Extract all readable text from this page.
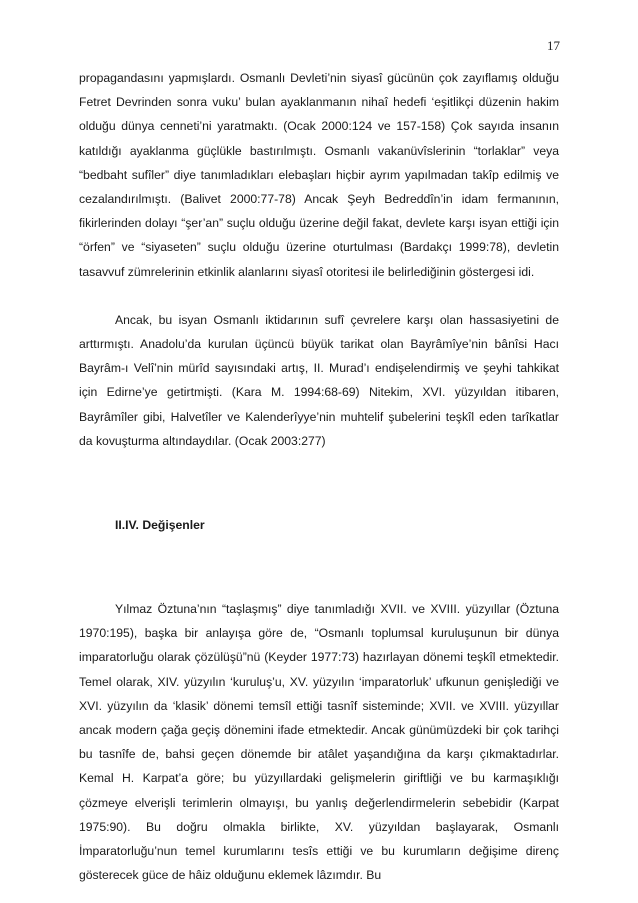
17

propagandasını yapmışlardı. Osmanlı Devleti’nin siyasî gücünün çok zayıflamış olduğu Fetret Devrinden sonra vuku’ bulan ayaklanmanın nihaî hedefi ‘eşitlikçi düzenin hakim olduğu dünya cenneti’ni yaratmaktı. (Ocak 2000:124 ve 157-158) Çok sayıda insanın katıldığı ayaklanma güçlükle bastırılmıştı. Osmanlı vakanüvîslerinin “torlaklar” veya “bedbaht sufîler” diye tanımladıkları elebaşları hiçbir ayrım yapılmadan takîp edilmiş ve cezalandırılmıştı. (Balivet 2000:77-78) Ancak Şeyh Bedreddîn’in idam fermanının, fikirlerinden dolayı “şer’an” suçlu olduğu üzerine değil fakat, devlete karşı isyan ettiği için “örfen” ve “siyaseten” suçlu olduğu üzerine oturtulması (Bardakçı 1999:78), devletin tasavvuf zümrelerinin etkinlik alanlarını siyasî otoritesi ile belirlediğinin göstergesi idi.

Ancak, bu isyan Osmanlı iktidarının sufî çevrelere karşı olan hassasiyetini de arttırmıştı. Anadolu’da kurulan üçüncü büyük tarikat olan Bayrâmîye’nin bânîsi Hacı Bayrâm-ı Velî’nin mürîd sayısındaki artış, II. Murad’ı endişelendirmiş ve şeyhi tahkikat için Edirne’ye getirtmişti. (Kara M. 1994:68-69) Nitekim, XVI. yüzyıldan itibaren, Bayrâmîler gibi, Halvetîler ve Kalenderîyye’nin muhtelif şubelerini teşkîl eden tarîkatlar da kovuşturma altındaydılar. (Ocak 2003:277)

II.IV. Değişenler

Yılmaz Öztuna’nın “taşlaşmış” diye tanımladığı XVII. ve XVIII. yüzyıllar (Öztuna 1970:195), başka bir anlayışa göre de, “Osmanlı toplumsal kuruluşunun bir dünya imparatorluğu olarak çözülüşü”nü (Keyder 1977:73) hazırlayan dönemi teşkîl etmektedir. Temel olarak, XIV. yüzyılın ‘kuruluş’u, XV. yüzyılın ‘imparatorluk’ ufkunun genişlediği ve XVI. yüzyılın da ‘klasik’ dönemi temsîl ettiği tasnîf sisteminde; XVII. ve XVIII. yüzyıllar ancak modern çağa geçiş dönemini ifade etmektedir. Ancak günümüzdeki bir çok tarihçi bu tasnîfe de, bahsi geçen dönemde bir atâlet yaşandığına da karşı çıkmaktadırlar. Kemal H. Karpat’a göre; bu yüzyıllardaki gelişmelerin giriftliği ve bu karmaşıklığı çözmeye elverişli terimlerin olmayışı, bu yanlış değerlendirmelerin sebebidir (Karpat 1975:90). Bu doğru olmakla birlikte, XV. yüzyıldan başlayarak, Osmanlı İmparatorluğu’nun temel kurumlarını tesîs ettiği ve bu kurumların değişime direnç gösterecek güce de hâiz olduğunu eklemek lâzımdır. Bu
